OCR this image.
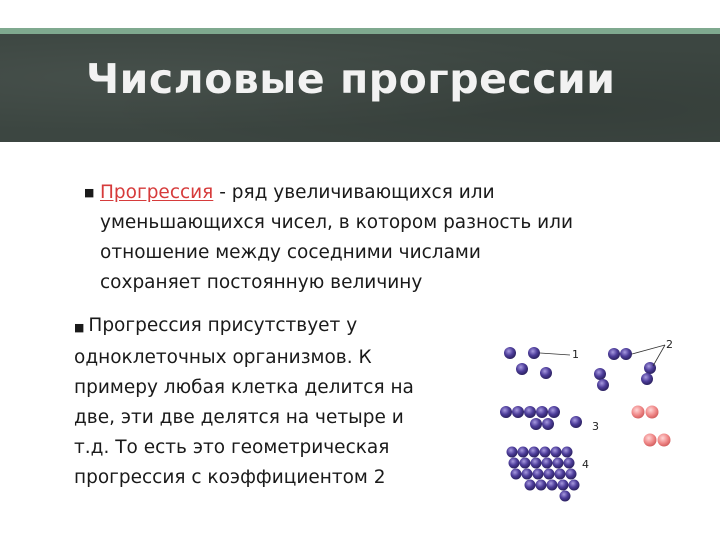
Числовые прогрессии
■ Прогрессия - ряд увеличивающихся или
уменьшающихся чисел, в котором разность или
отношение между соседними числами
сохраняет постоянную величину
■ Прогрессия присутствует у
одноклеточных организмов. К
примеру любая клетка делится на
две, эти две делятся на четыре и
т.д. То есть это геометрическая
прогрессия с коэффициентом 2
1
2
3
4
